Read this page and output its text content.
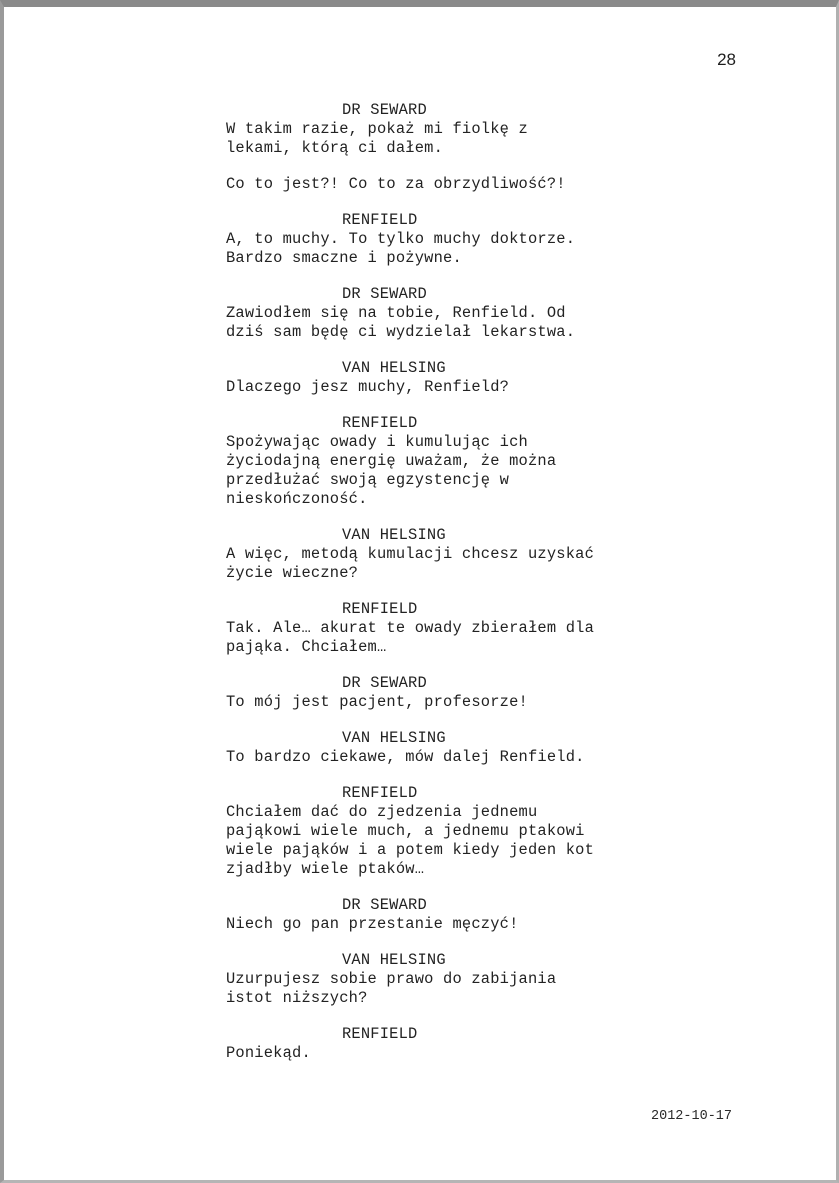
28
DR SEWARD
W takim razie, pokaż mi fiolkę z
lekami, którą ci dałem.
Co to jest?! Co to za obrzydliwość?!
RENFIELD
A, to muchy. To tylko muchy doktorze.
Bardzo smaczne i pożywne.
DR SEWARD
Zawiodłem się na tobie, Renfield. Od
dziś sam będę ci wydzielał lekarstwa.
VAN HELSING
Dlaczego jesz muchy, Renfield?
RENFIELD
Spożywając owady i kumulując ich
życiodajną energię uważam, że można
przedłużać swoją egzystencję w
nieskończoność.
VAN HELSING
A więc, metodą kumulacji chcesz uzyskać
życie wieczne?
RENFIELD
Tak. Ale… akurat te owady zbierałem dla
pająka. Chciałem…
DR SEWARD
To mój jest pacjent, profesorze!
VAN HELSING
To bardzo ciekawe, mów dalej Renfield.
RENFIELD
Chciałem dać do zjedzenia jednemu
pająkowi wiele much, a jednemu ptakowi
wiele pająków i a potem kiedy jeden kot
zjadłby wiele ptaków…
DR SEWARD
Niech go pan przestanie męczyć!
VAN HELSING
Uzurpujesz sobie prawo do zabijania
istot niższych?
RENFIELD
Poniekąd.
2012-10-17
